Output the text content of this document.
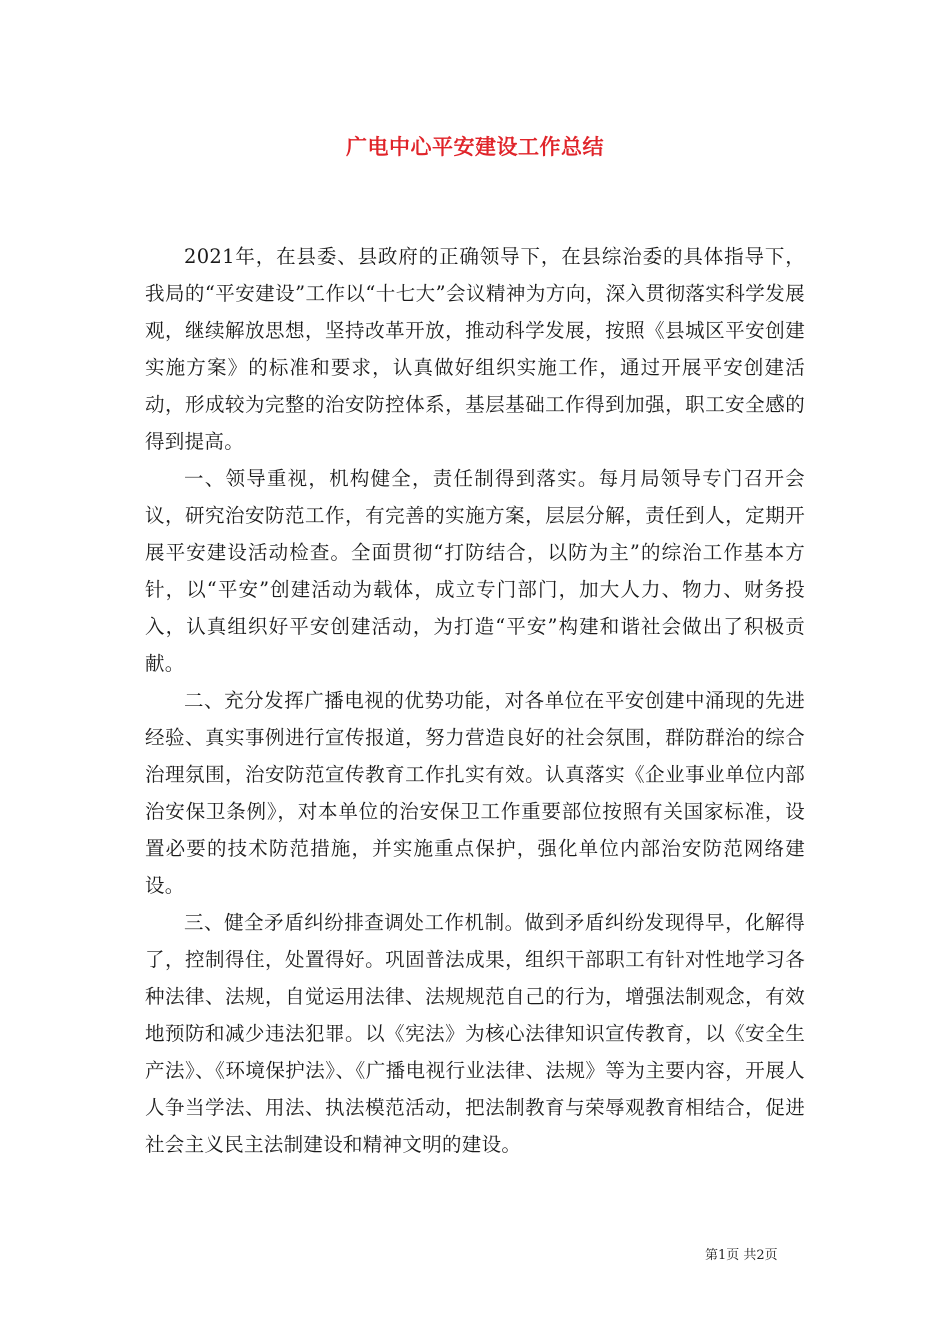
广电中心平安建设工作总结

2021年，在县委、县政府的正确领导下，在县综治委的具体指导下，我局的“平安建设”工作以“十七大”会议精神为方向，深入贯彻落实科学发展观，继续解放思想，坚持改革开放，推动科学发展，按照《县城区平安创建实施方案》的标准和要求，认真做好组织实施工作，通过开展平安创建活动，形成较为完整的治安防控体系，基层基础工作得到加强，职工安全感的得到提高。

一、领导重视，机构健全，责任制得到落实。每月局领导专门召开会议，研究治安防范工作，有完善的实施方案，层层分解，责任到人，定期开展平安建设活动检查。全面贯彻“打防结合，以防为主”的综治工作基本方针，以“平安”创建活动为载体，成立专门部门，加大人力、物力、财务投入，认真组织好平安创建活动，为打造“平安”构建和谐社会做出了积极贡献。

二、充分发挥广播电视的优势功能，对各单位在平安创建中涌现的先进经验、真实事例进行宣传报道，努力营造良好的社会氛围，群防群治的综合治理氛围，治安防范宣传教育工作扎实有效。认真落实《企业事业单位内部治安保卫条例》，对本单位的治安保卫工作重要部位按照有关国家标准，设置必要的技术防范措施，并实施重点保护，强化单位内部治安防范网络建设。

三、健全矛盾纠纷排查调处工作机制。做到矛盾纠纷发现得早，化解得了，控制得住，处置得好。巩固普法成果，组织干部职工有针对性地学习各种法律、法规，自觉运用法律、法规规范自己的行为，增强法制观念，有效地预防和减少违法犯罪。以《宪法》为核心法律知识宣传教育，以《安全生产法》、《环境保护法》、《广播电视行业法律、法规》等为主要内容，开展人人争当学法、用法、执法模范活动，把法制教育与荣辱观教育相结合，促进社会主义民主法制建设和精神文明的建设。

第1页 共2页
